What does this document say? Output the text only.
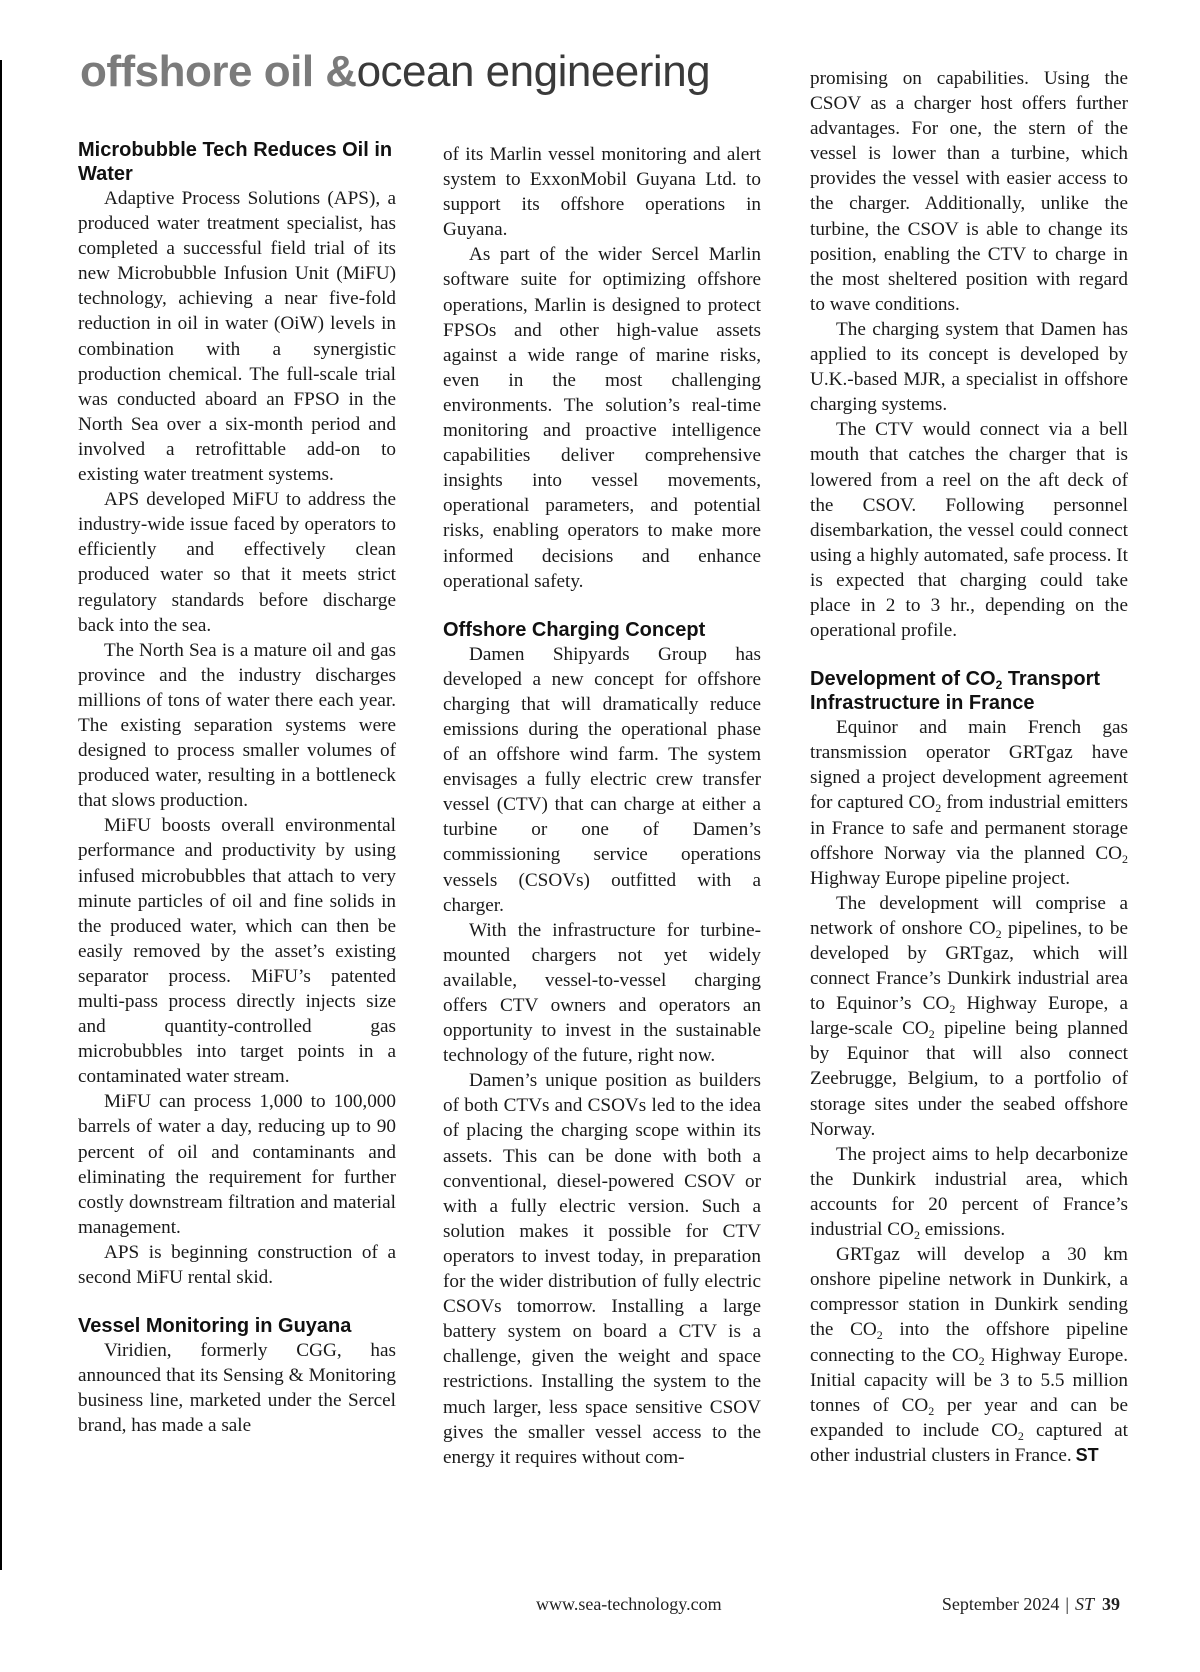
offshore oil &ocean engineering
Microbubble Tech Reduces Oil in Water

Adaptive Process Solutions (APS), a produced water treatment specialist, has completed a successful field trial of its new Microbubble Infusion Unit (MiFU) technology, achieving a near five-fold reduction in oil in water (OiW) levels in combination with a synergistic production chemical. The full-scale trial was conducted aboard an FPSO in the North Sea over a six-month period and involved a retrofittable add-on to existing water treatment systems.

APS developed MiFU to address the industry-wide issue faced by operators to efficiently and effectively clean produced water so that it meets strict regulatory standards before discharge back into the sea.

The North Sea is a mature oil and gas province and the industry discharges millions of tons of water there each year. The existing separation systems were designed to process smaller volumes of produced water, resulting in a bottleneck that slows production.

MiFU boosts overall environmental performance and productivity by using infused microbubbles that attach to very minute particles of oil and fine solids in the produced water, which can then be easily removed by the asset’s existing separator process. MiFU’s patented multi-pass process directly injects size and quantity-controlled gas microbubbles into target points in a contaminated water stream.

MiFU can process 1,000 to 100,000 barrels of water a day, reducing up to 90 percent of oil and contaminants and eliminating the requirement for further costly downstream filtration and material management.

APS is beginning construction of a second MiFU rental skid.

Vessel Monitoring in Guyana

Viridien, formerly CGG, has announced that its Sensing & Monitoring business line, marketed under the Sercel brand, has made a sale

of its Marlin vessel monitoring and alert system to ExxonMobil Guyana Ltd. to support its offshore operations in Guyana.

As part of the wider Sercel Marlin software suite for optimizing offshore operations, Marlin is designed to protect FPSOs and other high-value assets against a wide range of marine risks, even in the most challenging environments. The solution’s real-time monitoring and proactive intelligence capabilities deliver comprehensive insights into vessel movements, operational parameters, and potential risks, enabling operators to make more informed decisions and enhance operational safety.

Offshore Charging Concept

Damen Shipyards Group has developed a new concept for offshore charging that will dramatically reduce emissions during the operational phase of an offshore wind farm. The system envisages a fully electric crew transfer vessel (CTV) that can charge at either a turbine or one of Damen’s commissioning service operations vessels (CSOVs) outfitted with a charger.

With the infrastructure for turbine-mounted chargers not yet widely available, vessel-to-vessel charging offers CTV owners and operators an opportunity to invest in the sustainable technology of the future, right now.

Damen’s unique position as builders of both CTVs and CSOVs led to the idea of placing the charging scope within its assets. This can be done with both a conventional, diesel-powered CSOV or with a fully electric version. Such a solution makes it possible for CTV operators to invest today, in preparation for the wider distribution of fully electric CSOVs tomorrow. Installing a large battery system on board a CTV is a challenge, given the weight and space restrictions. Installing the system to the much larger, less space sensitive CSOV gives the smaller vessel access to the energy it requires without com-

promising on capabilities. Using the CSOV as a charger host offers further advantages. For one, the stern of the vessel is lower than a turbine, which provides the vessel with easier access to the charger. Additionally, unlike the turbine, the CSOV is able to change its position, enabling the CTV to charge in the most sheltered position with regard to wave conditions.

The charging system that Damen has applied to its concept is developed by U.K.-based MJR, a specialist in offshore charging systems.

The CTV would connect via a bell mouth that catches the charger that is lowered from a reel on the aft deck of the CSOV. Following personnel disembarkation, the vessel could connect using a highly automated, safe process. It is expected that charging could take place in 2 to 3 hr., depending on the operational profile.

Development of $CO_2$ Transport Infrastructure in France

Equinor and main French gas transmission operator GRTgaz have signed a project development agreement for captured $CO_2$ from industrial emitters in France to safe and permanent storage offshore Norway via the planned $CO_2$ Highway Europe pipeline project.

The development will comprise a network of onshore $CO_2$ pipelines, to be developed by GRTgaz, which will connect France’s Dunkirk industrial area to Equinor’s $CO_2$ Highway Europe, a large-scale $CO_2$ pipeline being planned by Equinor that will also connect Zeebrugge, Belgium, to a portfolio of storage sites under the seabed offshore Norway.

The project aims to help decarbonize the Dunkirk industrial area, which accounts for 20 percent of France’s industrial $CO_2$ emissions.

GRTgaz will develop a 30 km onshore pipeline network in Dunkirk, a compressor station in Dunkirk sending the $CO_2$ into the offshore pipeline connecting to the $CO_2$ Highway Europe. Initial capacity will be 3 to 5.5 million tonnes of $CO_2$ per year and can be expanded to include $CO_2$ captured at other industrial clusters in France. ST

www.sea-technology.com	September 2024 | ST 39
